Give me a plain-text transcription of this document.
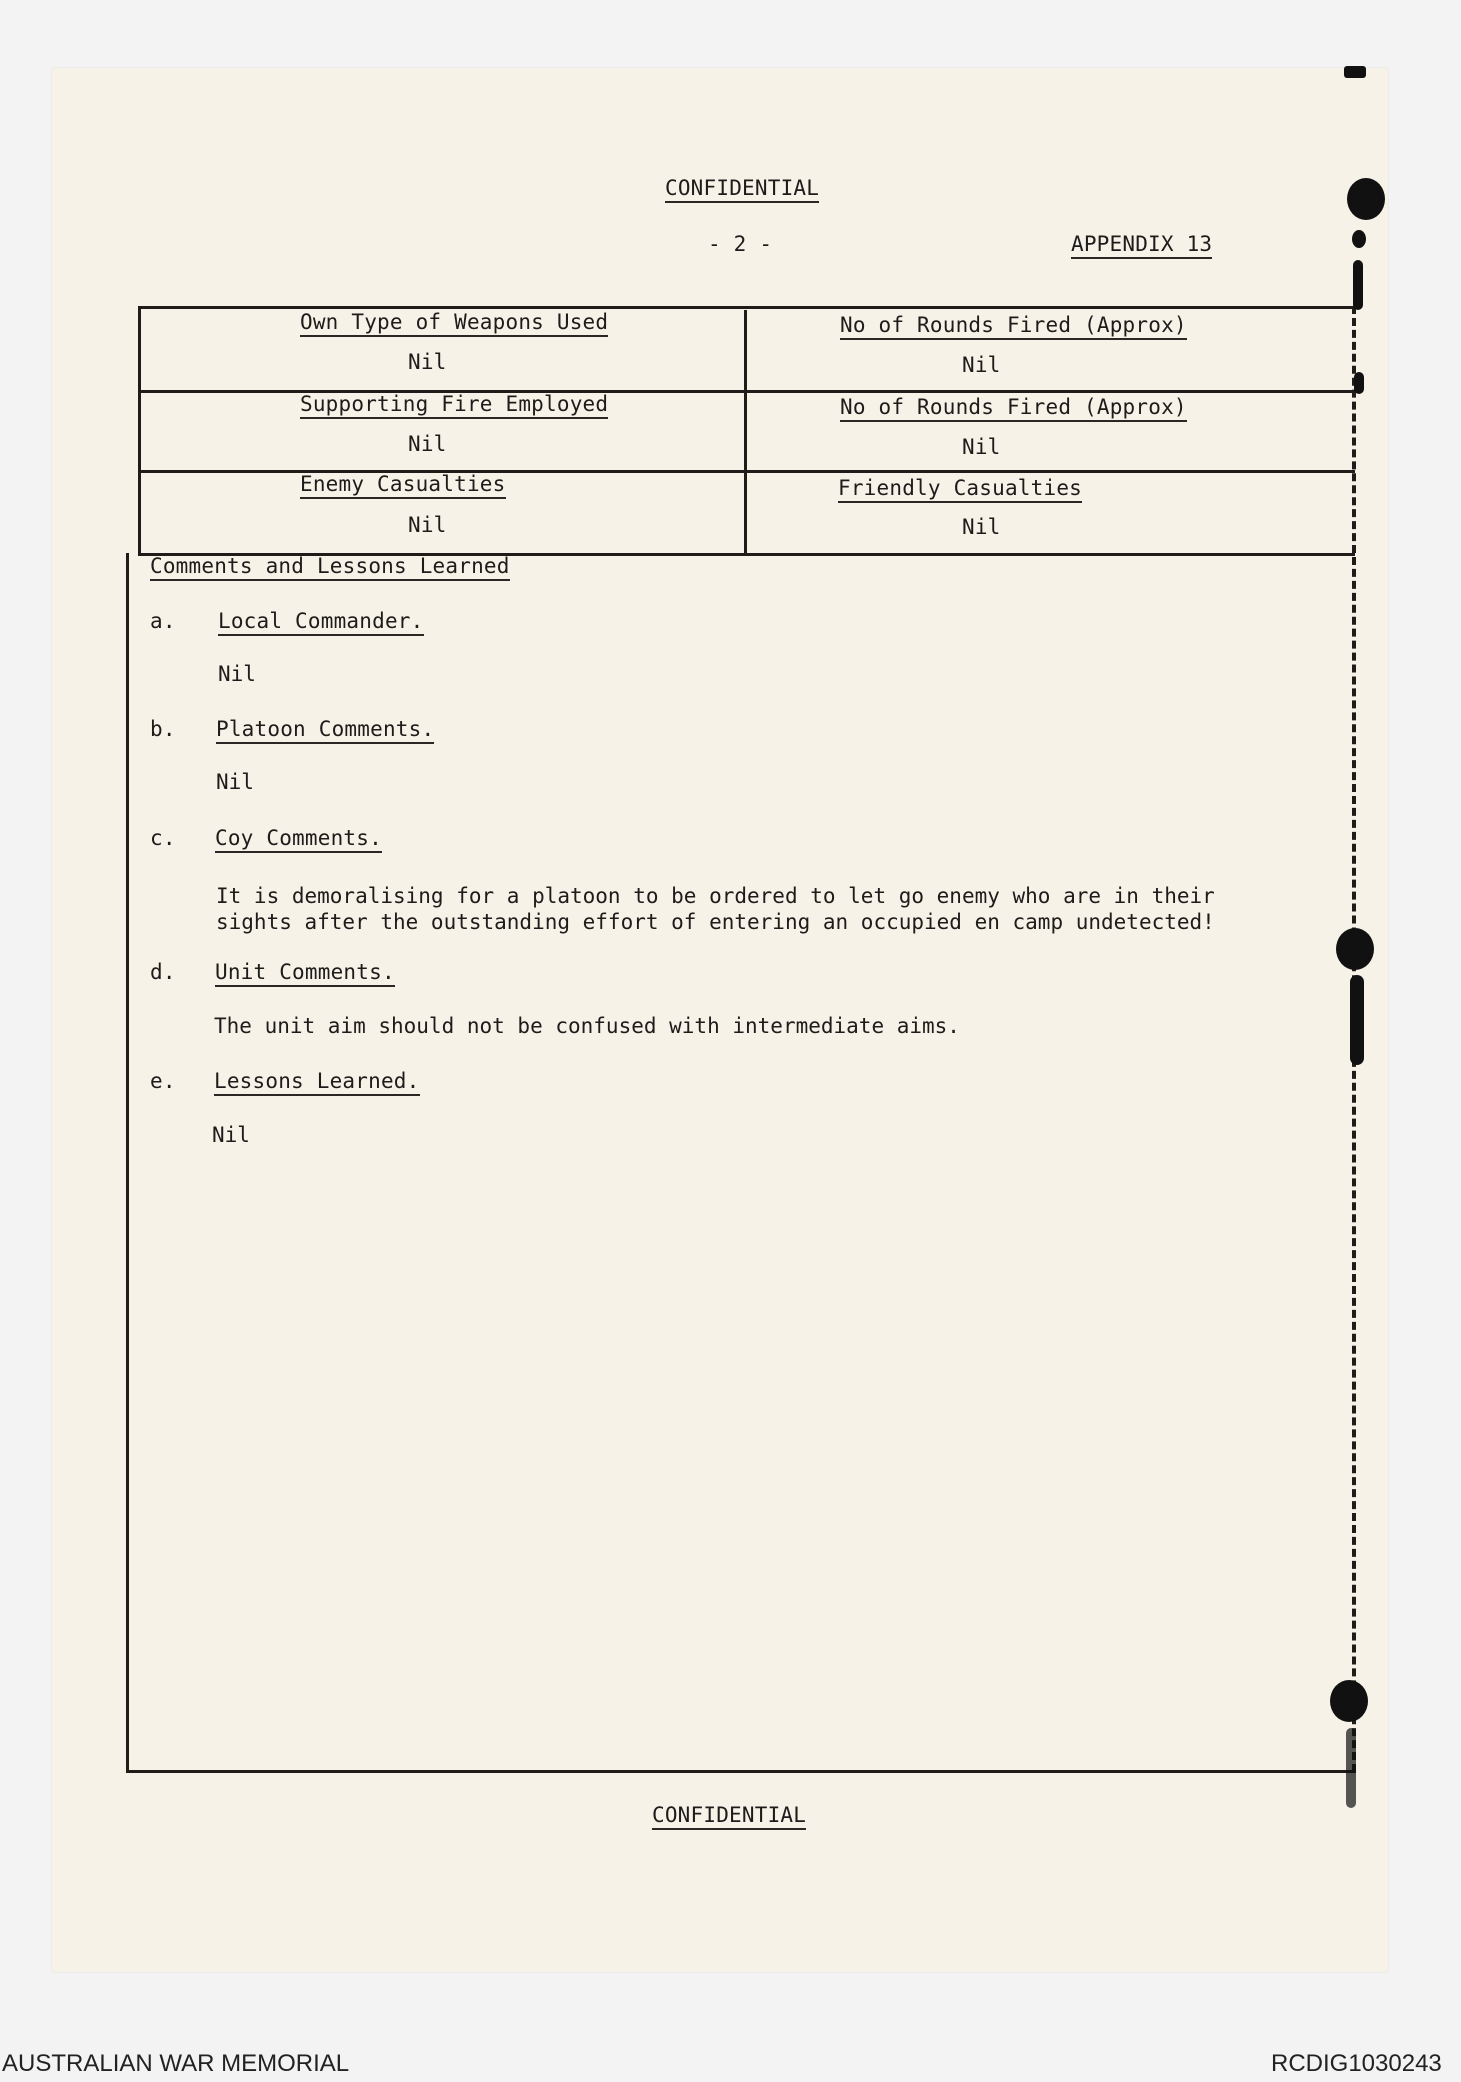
CONFIDENTIAL
- 2 -	APPENDIX 13
Own Type of Weapons Used
Nil
No of Rounds Fired (Approx)
Nil
Supporting Fire Employed
Nil
No of Rounds Fired (Approx)
Nil
Enemy Casualties
Nil
Friendly Casualties
Nil
Comments and Lessons Learned
a. Local Commander.
Nil
b. Platoon Comments.
Nil
c. Coy Comments.
It is demoralising for a platoon to be ordered to let go enemy who are in their
sights after the outstanding effort of entering an occupied en camp undetected!
d. Unit Comments.
The unit aim should not be confused with intermediate aims.
e. Lessons Learned.
Nil
CONFIDENTIAL
AUSTRALIAN WAR MEMORIAL	RCDIG1030243
